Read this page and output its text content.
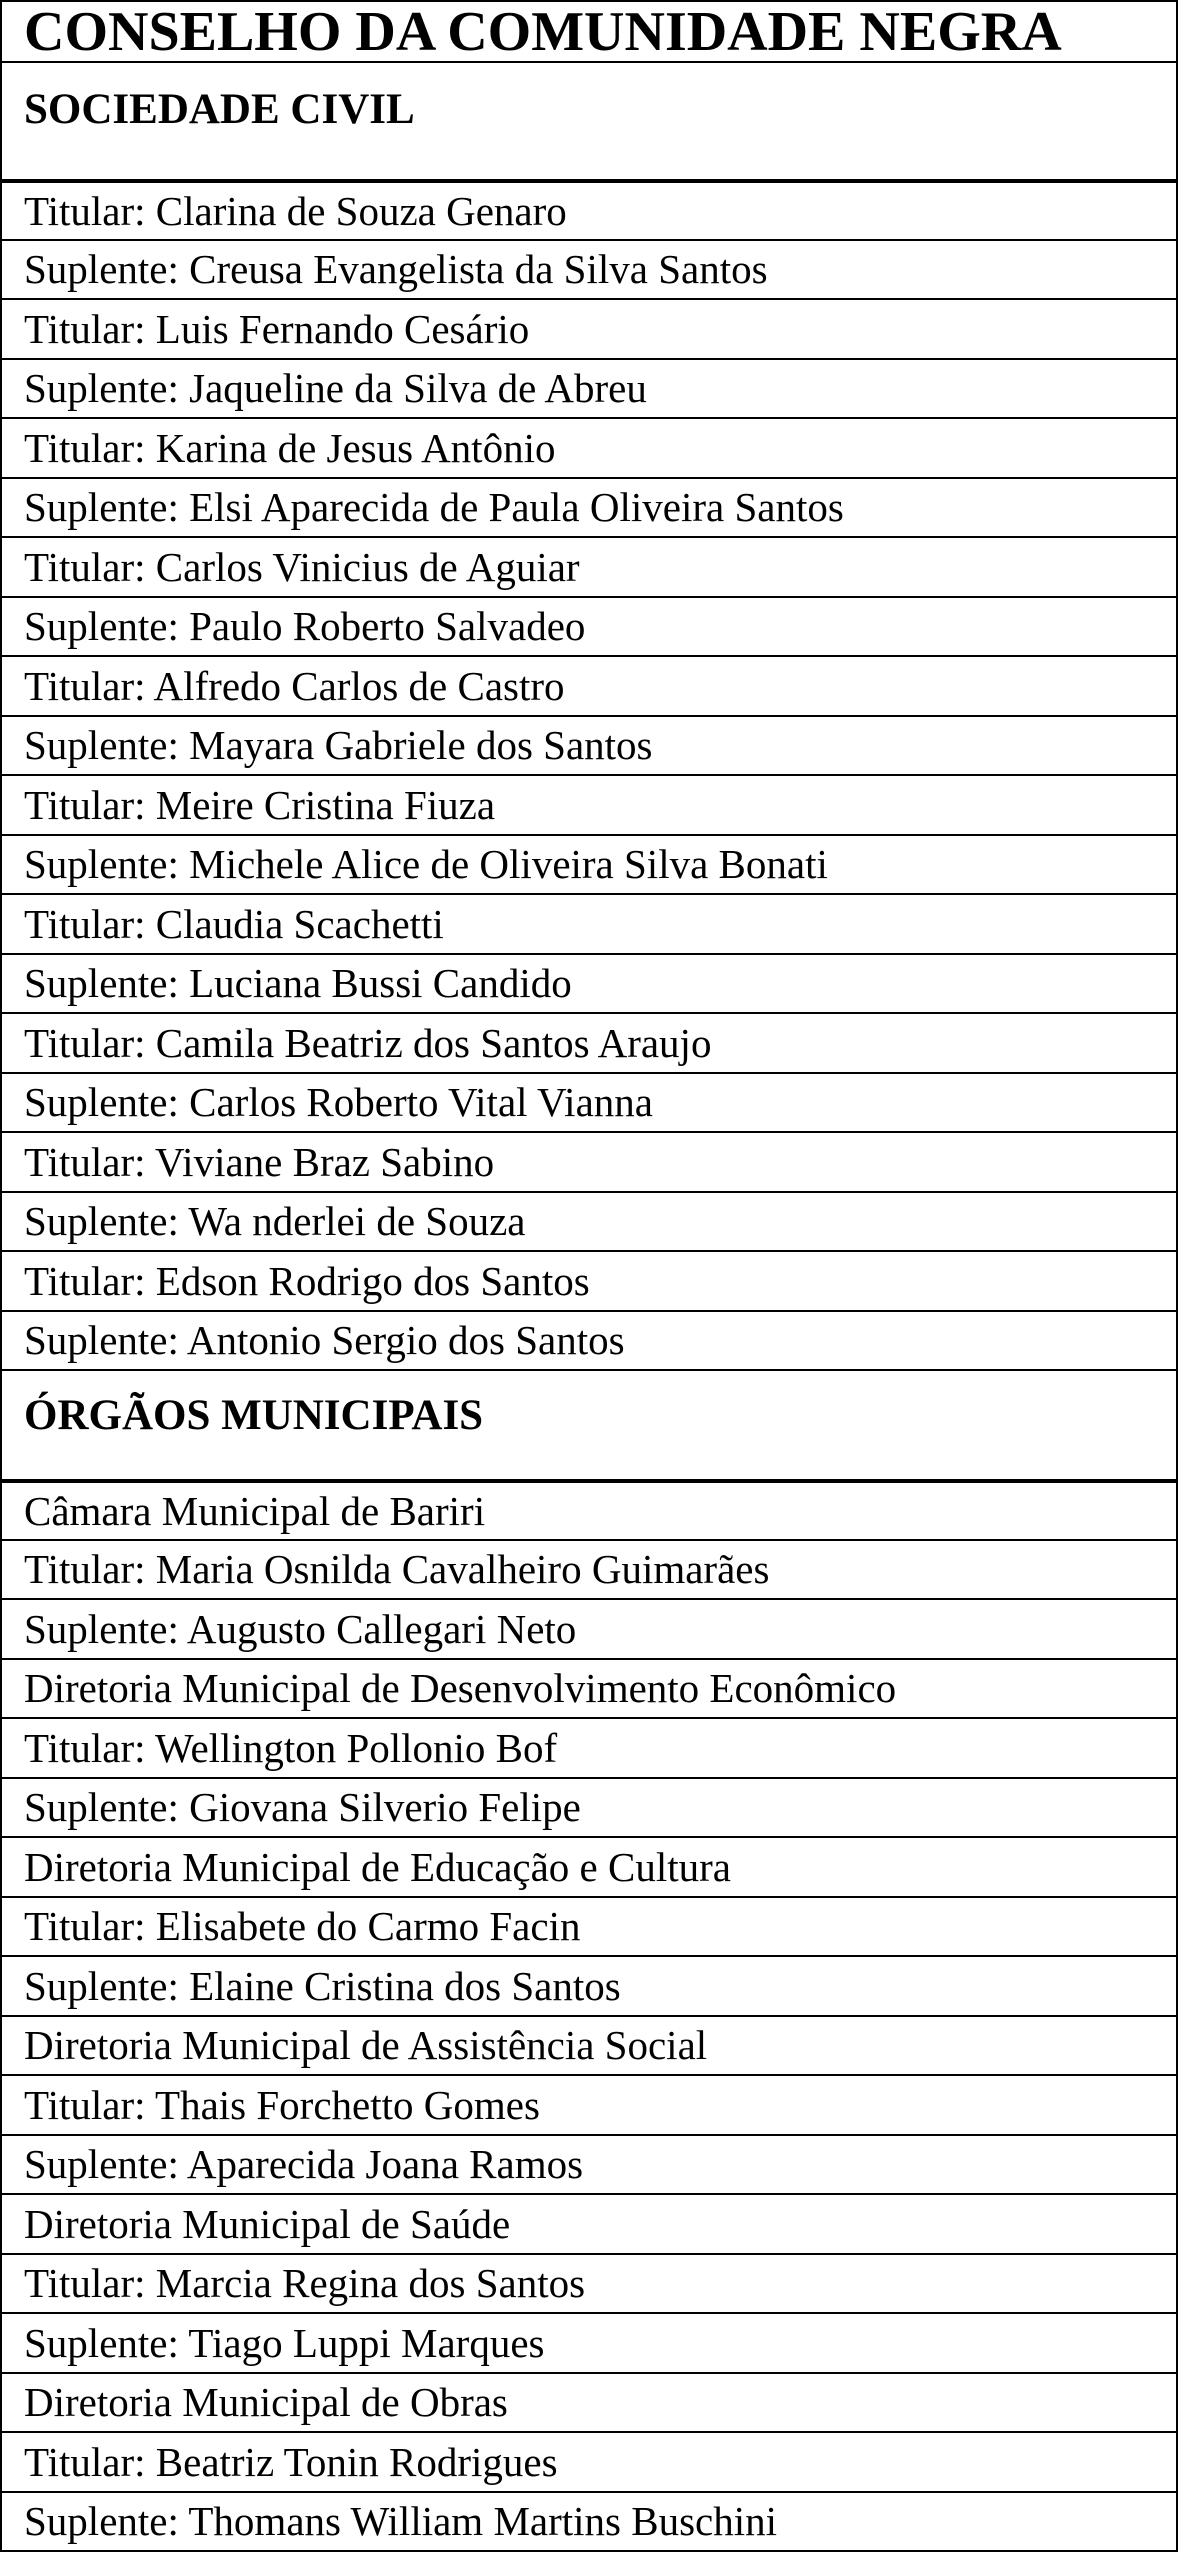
CONSELHO DA COMUNIDADE NEGRA
SOCIEDADE CIVIL
Titular: Clarina de Souza Genaro
Suplente: Creusa Evangelista da Silva Santos
Titular: Luis Fernando Cesário
Suplente: Jaqueline da Silva de Abreu
Titular: Karina de Jesus Antônio
Suplente: Elsi Aparecida de Paula Oliveira Santos
Titular: Carlos Vinicius de Aguiar
Suplente: Paulo Roberto Salvadeo
Titular: Alfredo Carlos de Castro
Suplente: Mayara Gabriele dos Santos
Titular: Meire Cristina Fiuza
Suplente: Michele Alice de Oliveira Silva Bonati
Titular: Claudia Scachetti
Suplente: Luciana Bussi Candido
Titular: Camila Beatriz dos Santos Araujo
Suplente: Carlos Roberto Vital Vianna
Titular: Viviane Braz Sabino
Suplente: Wa nderlei de Souza
Titular: Edson Rodrigo dos Santos
Suplente: Antonio Sergio dos Santos
ÓRGÃOS MUNICIPAIS
Câmara Municipal de Bariri
Titular: Maria Osnilda Cavalheiro Guimarães
Suplente: Augusto Callegari Neto
Diretoria Municipal de Desenvolvimento Econômico
Titular: Wellington Pollonio Bof
Suplente: Giovana Silverio Felipe
Diretoria Municipal de Educação e Cultura
Titular: Elisabete do Carmo Facin
Suplente: Elaine Cristina dos Santos
Diretoria Municipal de Assistência Social
Titular: Thais Forchetto Gomes
Suplente: Aparecida Joana Ramos
Diretoria Municipal de Saúde
Titular: Marcia Regina dos Santos
Suplente: Tiago Luppi Marques
Diretoria Municipal de Obras
Titular: Beatriz Tonin Rodrigues
Suplente: Thomans William Martins Buschini
